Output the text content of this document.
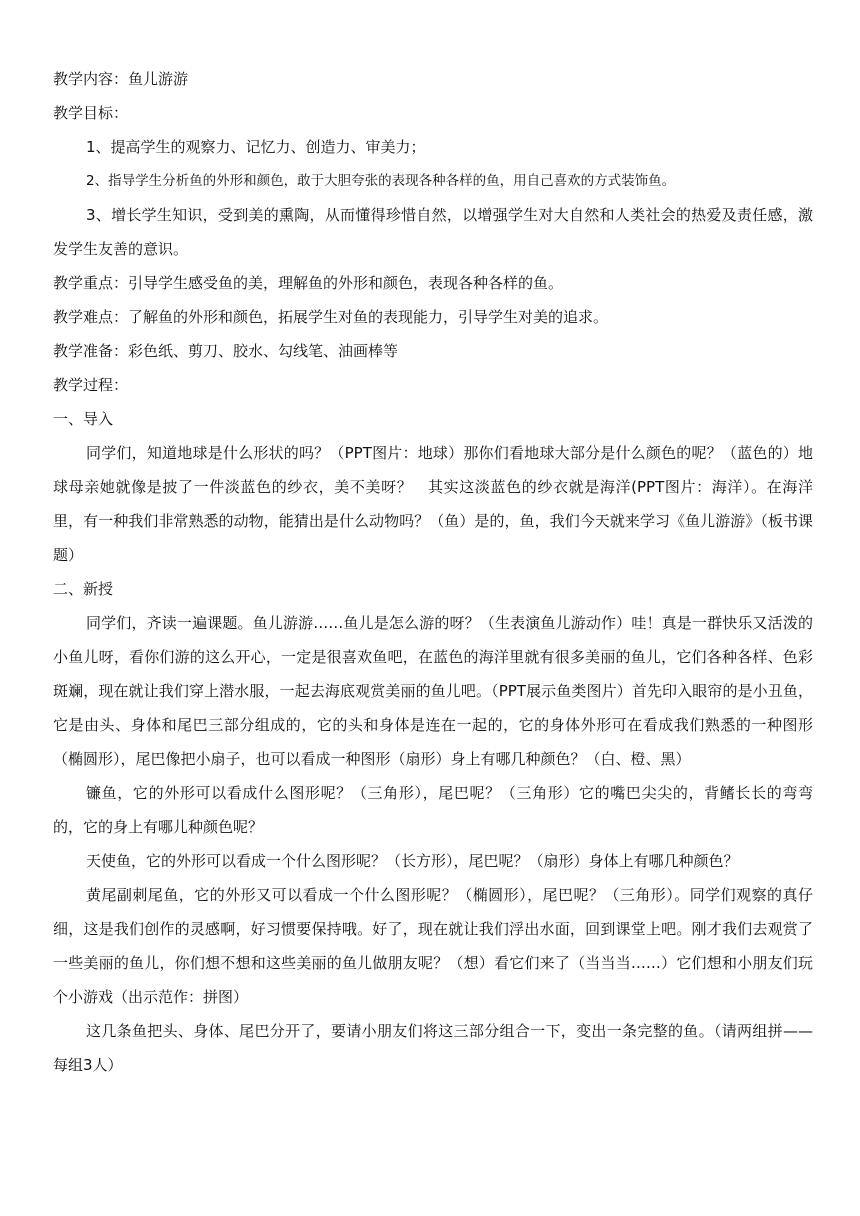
教学内容：鱼儿游游

教学目标：

1、提高学生的观察力、记忆力、创造力、审美力；

2、指导学生分析鱼的外形和颜色，敢于大胆夸张的表现各种各样的鱼，用自己喜欢的方式装饰鱼。

3、增长学生知识，受到美的熏陶，从而懂得珍惜自然，以增强学生对大自然和人类社会的热爱及责任感，激发学生友善的意识。

教学重点：引导学生感受鱼的美，理解鱼的外形和颜色，表现各种各样的鱼。

教学难点：了解鱼的外形和颜色，拓展学生对鱼的表现能力，引导学生对美的追求。

教学准备：彩色纸、剪刀、胶水、勾线笔、油画棒等

教学过程：

一、导入

同学们，知道地球是什么形状的吗？（PPT图片：地球）那你们看地球大部分是什么颜色的呢？（蓝色的）地球母亲她就像是披了一件淡蓝色的纱衣，美不美呀？　其实这淡蓝色的纱衣就是海洋(PPT图片：海洋）。在海洋里，有一种我们非常熟悉的动物，能猜出是什么动物吗？（鱼）是的，鱼，我们今天就来学习《鱼儿游游》（板书课题）

二、新授

同学们，齐读一遍课题。鱼儿游游……鱼儿是怎么游的呀？（生表演鱼儿游动作）哇！真是一群快乐又活泼的小鱼儿呀，看你们游的这么开心，一定是很喜欢鱼吧，在蓝色的海洋里就有很多美丽的鱼儿，它们各种各样、色彩斑斓，现在就让我们穿上潜水服，一起去海底观赏美丽的鱼儿吧。（PPT展示鱼类图片）首先印入眼帘的是小丑鱼，它是由头、身体和尾巴三部分组成的，它的头和身体是连在一起的，它的身体外形可在看成我们熟悉的一种图形（椭圆形），尾巴像把小扇子，也可以看成一种图形（扇形）身上有哪几种颜色？（白、橙、黑）

镰鱼，它的外形可以看成什么图形呢？（三角形），尾巴呢？（三角形）它的嘴巴尖尖的，背鳍长长的弯弯的，它的身上有哪儿种颜色呢？

天使鱼，它的外形可以看成一个什么图形呢？（长方形），尾巴呢？（扇形）身体上有哪几种颜色？

黄尾副刺尾鱼，它的外形又可以看成一个什么图形呢？（椭圆形），尾巴呢？（三角形）。同学们观察的真仔细，这是我们创作的灵感啊，好习惯要保持哦。好了，现在就让我们浮出水面，回到课堂上吧。刚才我们去观赏了一些美丽的鱼儿，你们想不想和这些美丽的鱼儿做朋友呢？（想）看它们来了（当当当……）它们想和小朋友们玩个小游戏（出示范作：拼图）

这几条鱼把头、身体、尾巴分开了，要请小朋友们将这三部分组合一下，变出一条完整的鱼。（请两组拼——每组3人）
